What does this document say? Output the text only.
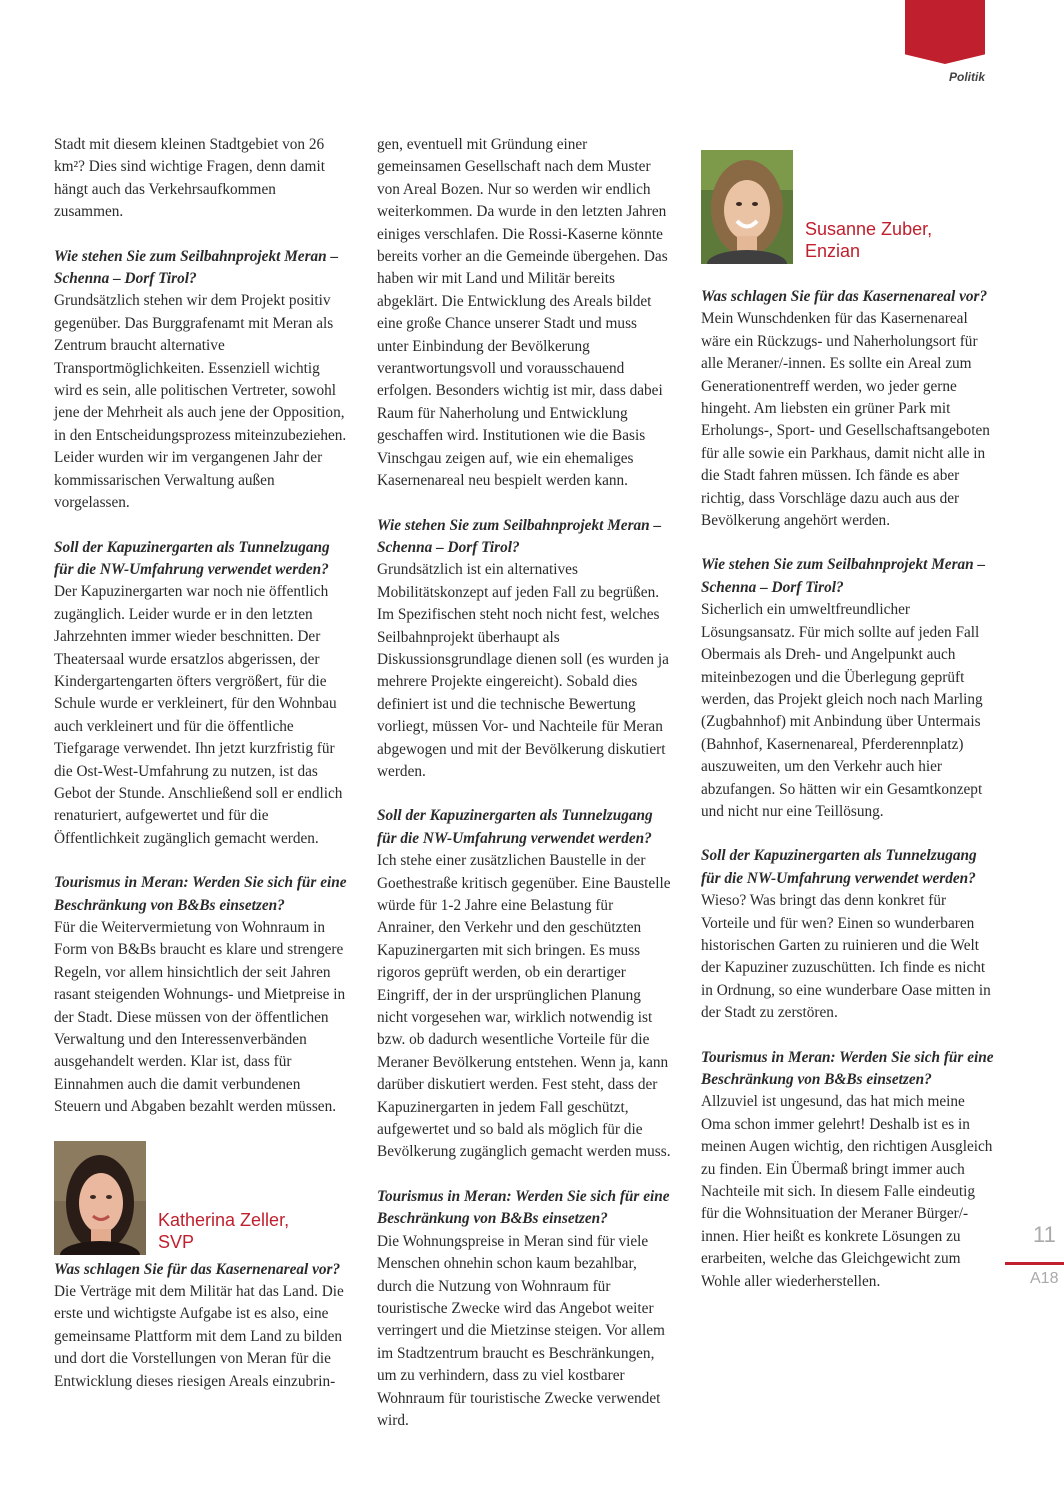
Politik

Stadt mit diesem kleinen Stadtgebiet von 26 km²? Dies sind wichtige Fragen, denn damit hängt auch das Verkehrsaufkommen zusammen.

Wie stehen Sie zum Seilbahnprojekt Meran – Schenna – Dorf Tirol?

Grundsätzlich stehen wir dem Projekt positiv gegenüber. Das Burggrafenamt mit Meran als Zentrum braucht alternative Transportmöglichkeiten. Essenziell wichtig wird es sein, alle politischen Vertreter, sowohl jene der Mehrheit als auch jene der Opposition, in den Entscheidungsprozess miteinzubeziehen. Leider wurden wir im vergangenen Jahr der kommissarischen Verwaltung außen vorgelassen.

Soll der Kapuzinergarten als Tunnelzugang für die NW-Umfahrung verwendet werden?

Der Kapuzinergarten war noch nie öffentlich zugänglich. Leider wurde er in den letzten Jahrzehnten immer wieder beschnitten. Der Theatersaal wurde ersatzlos abgerissen, der Kindergartengarten öfters vergrößert, für die Schule wurde er verkleinert, für den Wohnbau auch verkleinert und für die öffentliche Tiefgarage verwendet. Ihn jetzt kurzfristig für die Ost-West-Umfahrung zu nutzen, ist das Gebot der Stunde. Anschließend soll er endlich renaturiert, aufgewertet und für die Öffentlichkeit zugänglich gemacht werden.

Tourismus in Meran: Werden Sie sich für eine Beschränkung von B&Bs einsetzen?

Für die Weitervermietung von Wohnraum in Form von B&Bs braucht es klare und strengere Regeln, vor allem hinsichtlich der seit Jahren rasant steigenden Wohnungs- und Mietpreise in der Stadt. Diese müssen von der öffentlichen Verwaltung und den Interessenverbänden ausgehandelt werden. Klar ist, dass für Einnahmen auch die damit verbundenen Steuern und Abgaben bezahlt werden müssen.

Katherina Zeller,
SVP
Was schlagen Sie für das Kasernenareal vor?

Die Verträge mit dem Militär hat das Land. Die erste und wichtigste Aufgabe ist es also, eine gemeinsame Plattform mit dem Land zu bilden und dort die Vorstellungen von Meran für die Entwicklung dieses riesigen Areals einzubrin-

gen, eventuell mit Gründung einer gemeinsamen Gesellschaft nach dem Muster von Areal Bozen. Nur so werden wir endlich weiterkommen. Da wurde in den letzten Jahren einiges verschlafen. Die Rossi-Kaserne könnte bereits vorher an die Gemeinde übergehen. Das haben wir mit Land und Militär bereits abgeklärt. Die Entwicklung des Areals bildet eine große Chance unserer Stadt und muss unter Einbindung der Bevölkerung verantwortungsvoll und vorausschauend erfolgen. Besonders wichtig ist mir, dass dabei Raum für Naherholung und Entwicklung geschaffen wird. Institutionen wie die Basis Vinschgau zeigen auf, wie ein ehemaliges Kasernenareal neu bespielt werden kann.

Wie stehen Sie zum Seilbahnprojekt Meran – Schenna – Dorf Tirol?

Grundsätzlich ist ein alternatives Mobilitätskonzept auf jeden Fall zu begrüßen. Im Spezifischen steht noch nicht fest, welches Seilbahnprojekt überhaupt als Diskussionsgrundlage dienen soll (es wurden ja mehrere Projekte eingereicht). Sobald dies definiert ist und die technische Bewertung vorliegt, müssen Vor- und Nachteile für Meran abgewogen und mit der Bevölkerung diskutiert werden.

Soll der Kapuzinergarten als Tunnelzugang für die NW-Umfahrung verwendet werden?

Ich stehe einer zusätzlichen Baustelle in der Goethestraße kritisch gegenüber. Eine Baustelle würde für 1-2 Jahre eine Belastung für Anrainer, den Verkehr und den geschützten Kapuzinergarten mit sich bringen. Es muss rigoros geprüft werden, ob ein derartiger Eingriff, der in der ursprünglichen Planung nicht vorgesehen war, wirklich notwendig ist bzw. ob dadurch wesentliche Vorteile für die Meraner Bevölkerung entstehen. Wenn ja, kann darüber diskutiert werden. Fest steht, dass der Kapuzinergarten in jedem Fall geschützt, aufgewertet und so bald als möglich für die Bevölkerung zugänglich gemacht werden muss.

Tourismus in Meran: Werden Sie sich für eine Beschränkung von B&Bs einsetzen?

Die Wohnungspreise in Meran sind für viele Menschen ohnehin schon kaum bezahlbar, durch die Nutzung von Wohnraum für touristische Zwecke wird das Angebot weiter verringert und die Mietzinse steigen. Vor allem im Stadtzentrum braucht es Beschränkungen, um zu verhindern, dass zu viel kostbarer Wohnraum für touristische Zwecke verwendet wird.

Susanne Zuber,
Enzian
Was schlagen Sie für das Kasernenareal vor?

Mein Wunschdenken für das Kasernenareal wäre ein Rückzugs- und Naherholungsort für alle Meraner/-innen. Es sollte ein Areal zum Generationentreff werden, wo jeder gerne hingeht. Am liebsten ein grüner Park mit Erholungs-, Sport- und Gesellschaftsangeboten für alle sowie ein Parkhaus, damit nicht alle in die Stadt fahren müssen. Ich fände es aber richtig, dass Vorschläge dazu auch aus der Bevölkerung angehört werden.

Wie stehen Sie zum Seilbahnprojekt Meran – Schenna – Dorf Tirol?

Sicherlich ein umweltfreundlicher Lösungsansatz. Für mich sollte auf jeden Fall Obermais als Dreh- und Angelpunkt auch miteinbezogen und die Überlegung geprüft werden, das Projekt gleich noch nach Marling (Zugbahnhof) mit Anbindung über Untermais (Bahnhof, Kasernenareal, Pferderennplatz) auszuweiten, um den Verkehr auch hier abzufangen. So hätten wir ein Gesamtkonzept und nicht nur eine Teillösung.

Soll der Kapuzinergarten als Tunnelzugang für die NW-Umfahrung verwendet werden?

Wieso? Was bringt das denn konkret für Vorteile und für wen? Einen so wunderbaren historischen Garten zu ruinieren und die Welt der Kapuziner zuzuschütten. Ich finde es nicht in Ordnung, so eine wunderbare Oase mitten in der Stadt zu zerstören.

Tourismus in Meran: Werden Sie sich für eine Beschränkung von B&Bs einsetzen?

Allzuviel ist ungesund, das hat mich meine Oma schon immer gelehrt! Deshalb ist es in meinen Augen wichtig, den richtigen Ausgleich zu finden. Ein Übermaß bringt immer auch Nachteile mit sich. In diesem Falle eindeutig für die Wohnsituation der Meraner Bürger/-innen. Hier heißt es konkrete Lösungen zu erarbeiten, welche das Gleichgewicht zum Wohle aller wiederherstellen.

11
A18
